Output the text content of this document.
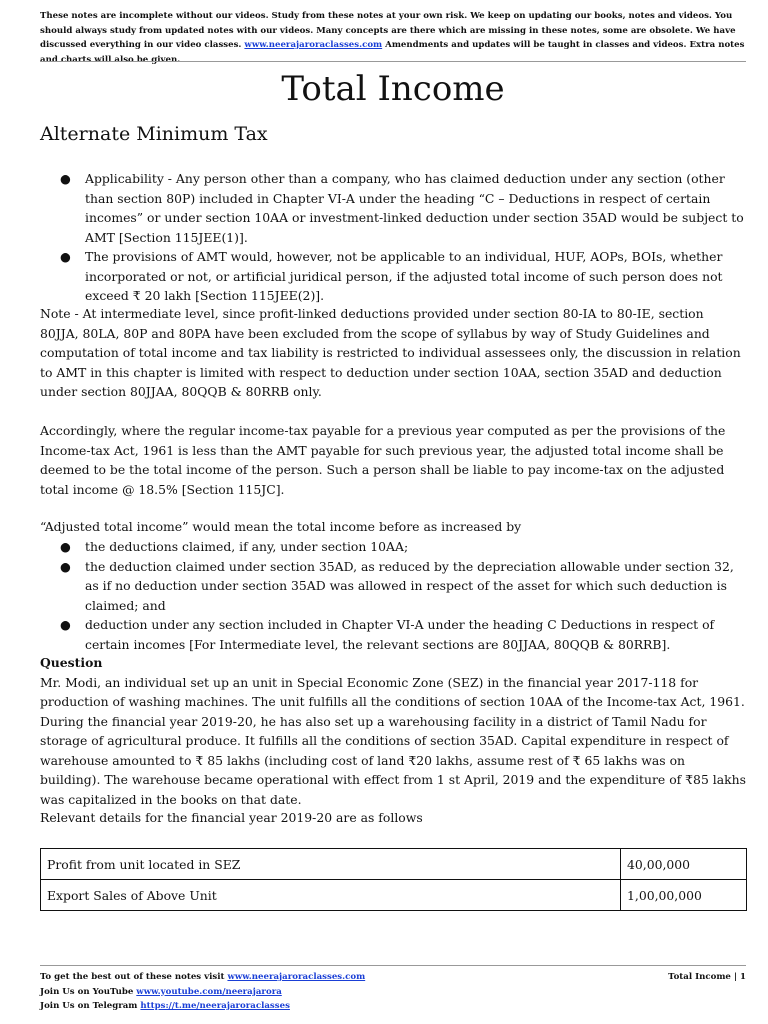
These notes are incomplete without our videos. Study from these notes at your own risk. We keep on updating our books, notes and videos. You should always study from updated notes with our videos. Many concepts are there which are missing in these notes, some are obsolete. We have discussed everything in our video classes. www.neerajaroraclasses.com Amendments and updates will be taught in classes and videos. Extra notes and charts will also be given.
Total Income
Alternate Minimum Tax
● Applicability - Any person other than a company, who has claimed deduction under any section (other than section 80P) included in Chapter VI-A under the heading “C – Deductions in respect of certain incomes” or under section 10AA or investment-linked deduction under section 35AD would be subject to AMT [Section 115JEE(1)].
● The provisions of AMT would, however, not be applicable to an individual, HUF, AOPs, BOIs, whether incorporated or not, or artificial juridical person, if the adjusted total income of such person does not exceed ₹ 20 lakh [Section 115JEE(2)].
Note - At intermediate level, since profit-linked deductions provided under section 80-IA to 80-IE, section 80JJA, 80LA, 80P and 80PA have been excluded from the scope of syllabus by way of Study Guidelines and computation of total income and tax liability is restricted to individual assessees only, the discussion in relation to AMT in this chapter is limited with respect to deduction under section 10AA, section 35AD and deduction under section 80JJAA, 80QQB & 80RRB only.
Accordingly, where the regular income-tax payable for a previous year computed as per the provisions of the Income-tax Act, 1961 is less than the AMT payable for such previous year, the adjusted total income shall be deemed to be the total income of the person. Such a person shall be liable to pay income-tax on the adjusted total income @ 18.5% [Section 115JC].
“Adjusted total income” would mean the total income before as increased by
● the deductions claimed, if any, under section 10AA;
● the deduction claimed under section 35AD, as reduced by the depreciation allowable under section 32, as if no deduction under section 35AD was allowed in respect of the asset for which such deduction is claimed; and
● deduction under any section included in Chapter VI-A under the heading C Deductions in respect of certain incomes [For Intermediate level, the relevant sections are 80JJAA, 80QQB & 80RRB].
Question
Mr. Modi, an individual set up an unit in Special Economic Zone (SEZ) in the financial year 2017-118 for production of washing machines. The unit fulfills all the conditions of section 10AA of the Income-tax Act, 1961. During the financial year 2019-20, he has also set up a warehousing facility in a district of Tamil Nadu for storage of agricultural produce. It fulfills all the conditions of section 35AD. Capital expenditure in respect of warehouse amounted to ₹ 85 lakhs (including cost of land ₹20 lakhs, assume rest of ₹ 65 lakhs was on building). The warehouse became operational with effect from 1 st April, 2019 and the expenditure of ₹85 lakhs was capitalized in the books on that date.
Relevant details for the financial year 2019-20 are as follows
Profit from unit located in SEZ	40,00,000
Export Sales of Above Unit	1,00,00,000
To get the best out of these notes visit www.neerajaroraclasses.com
Join Us on YouTube www.youtube.com/neerajarora
Join Us on Telegram https://t.me/neerajaroraclasses
Total Income | 1
